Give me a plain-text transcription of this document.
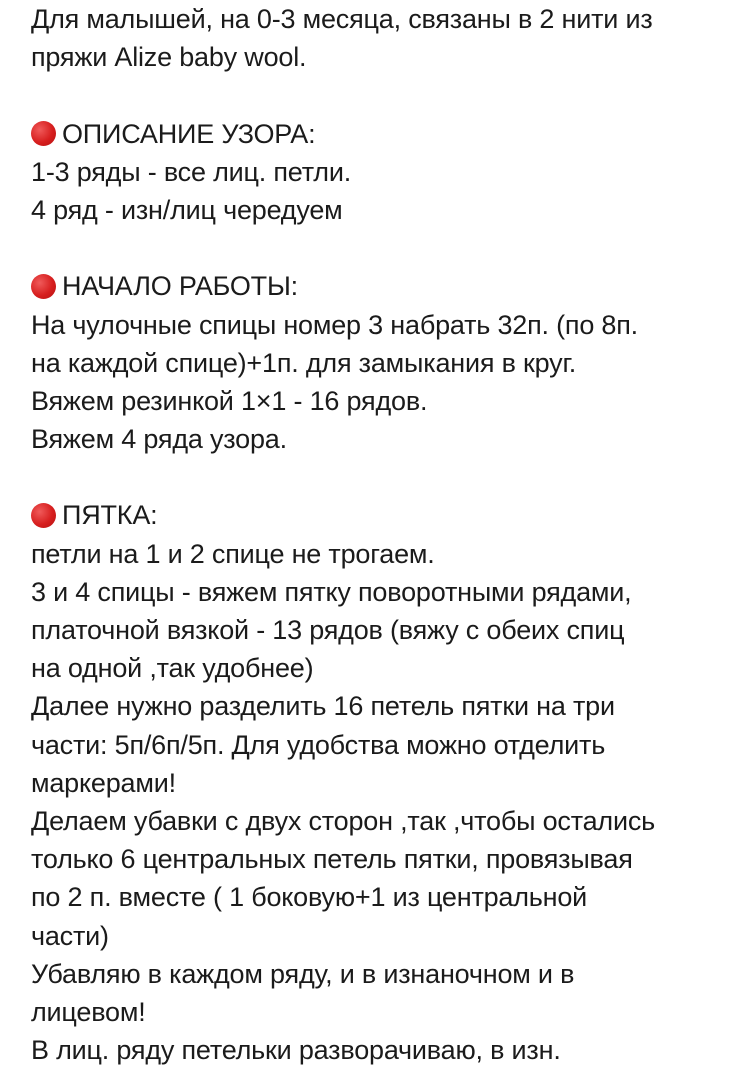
Для малышей, на 0-3 месяца, связаны в 2 нити из
пряжи Alize baby wool.
ОПИСАНИЕ УЗОРА:
1-3 ряды - все лиц. петли.
4 ряд - изн/лиц чередуем
НАЧАЛО РАБОТЫ:
На чулочные спицы номер 3 набрать 32п. (по 8п.
на каждой спице)+1п. для замыкания в круг.
Вяжем резинкой 1×1 - 16 рядов.
Вяжем 4 ряда узора.
ПЯТКА:
петли на 1 и 2 спице не трогаем.
3 и 4 спицы - вяжем пятку поворотными рядами,
платочной вязкой - 13 рядов (вяжу с обеих спиц
на одной ,так удобнее)
Далее нужно разделить 16 петель пятки на три
части: 5п/6п/5п. Для удобства можно отделить
маркерами!
Делаем убавки с двух сторон ,так ,чтобы остались
только 6 центральных петель пятки, провязывая
по 2 п. вместе ( 1 боковую+1 из центральной
части)
Убавляю в каждом ряду, и в изнаночном и в
лицевом!
В лиц. ряду петельки разворачиваю, в изн.
